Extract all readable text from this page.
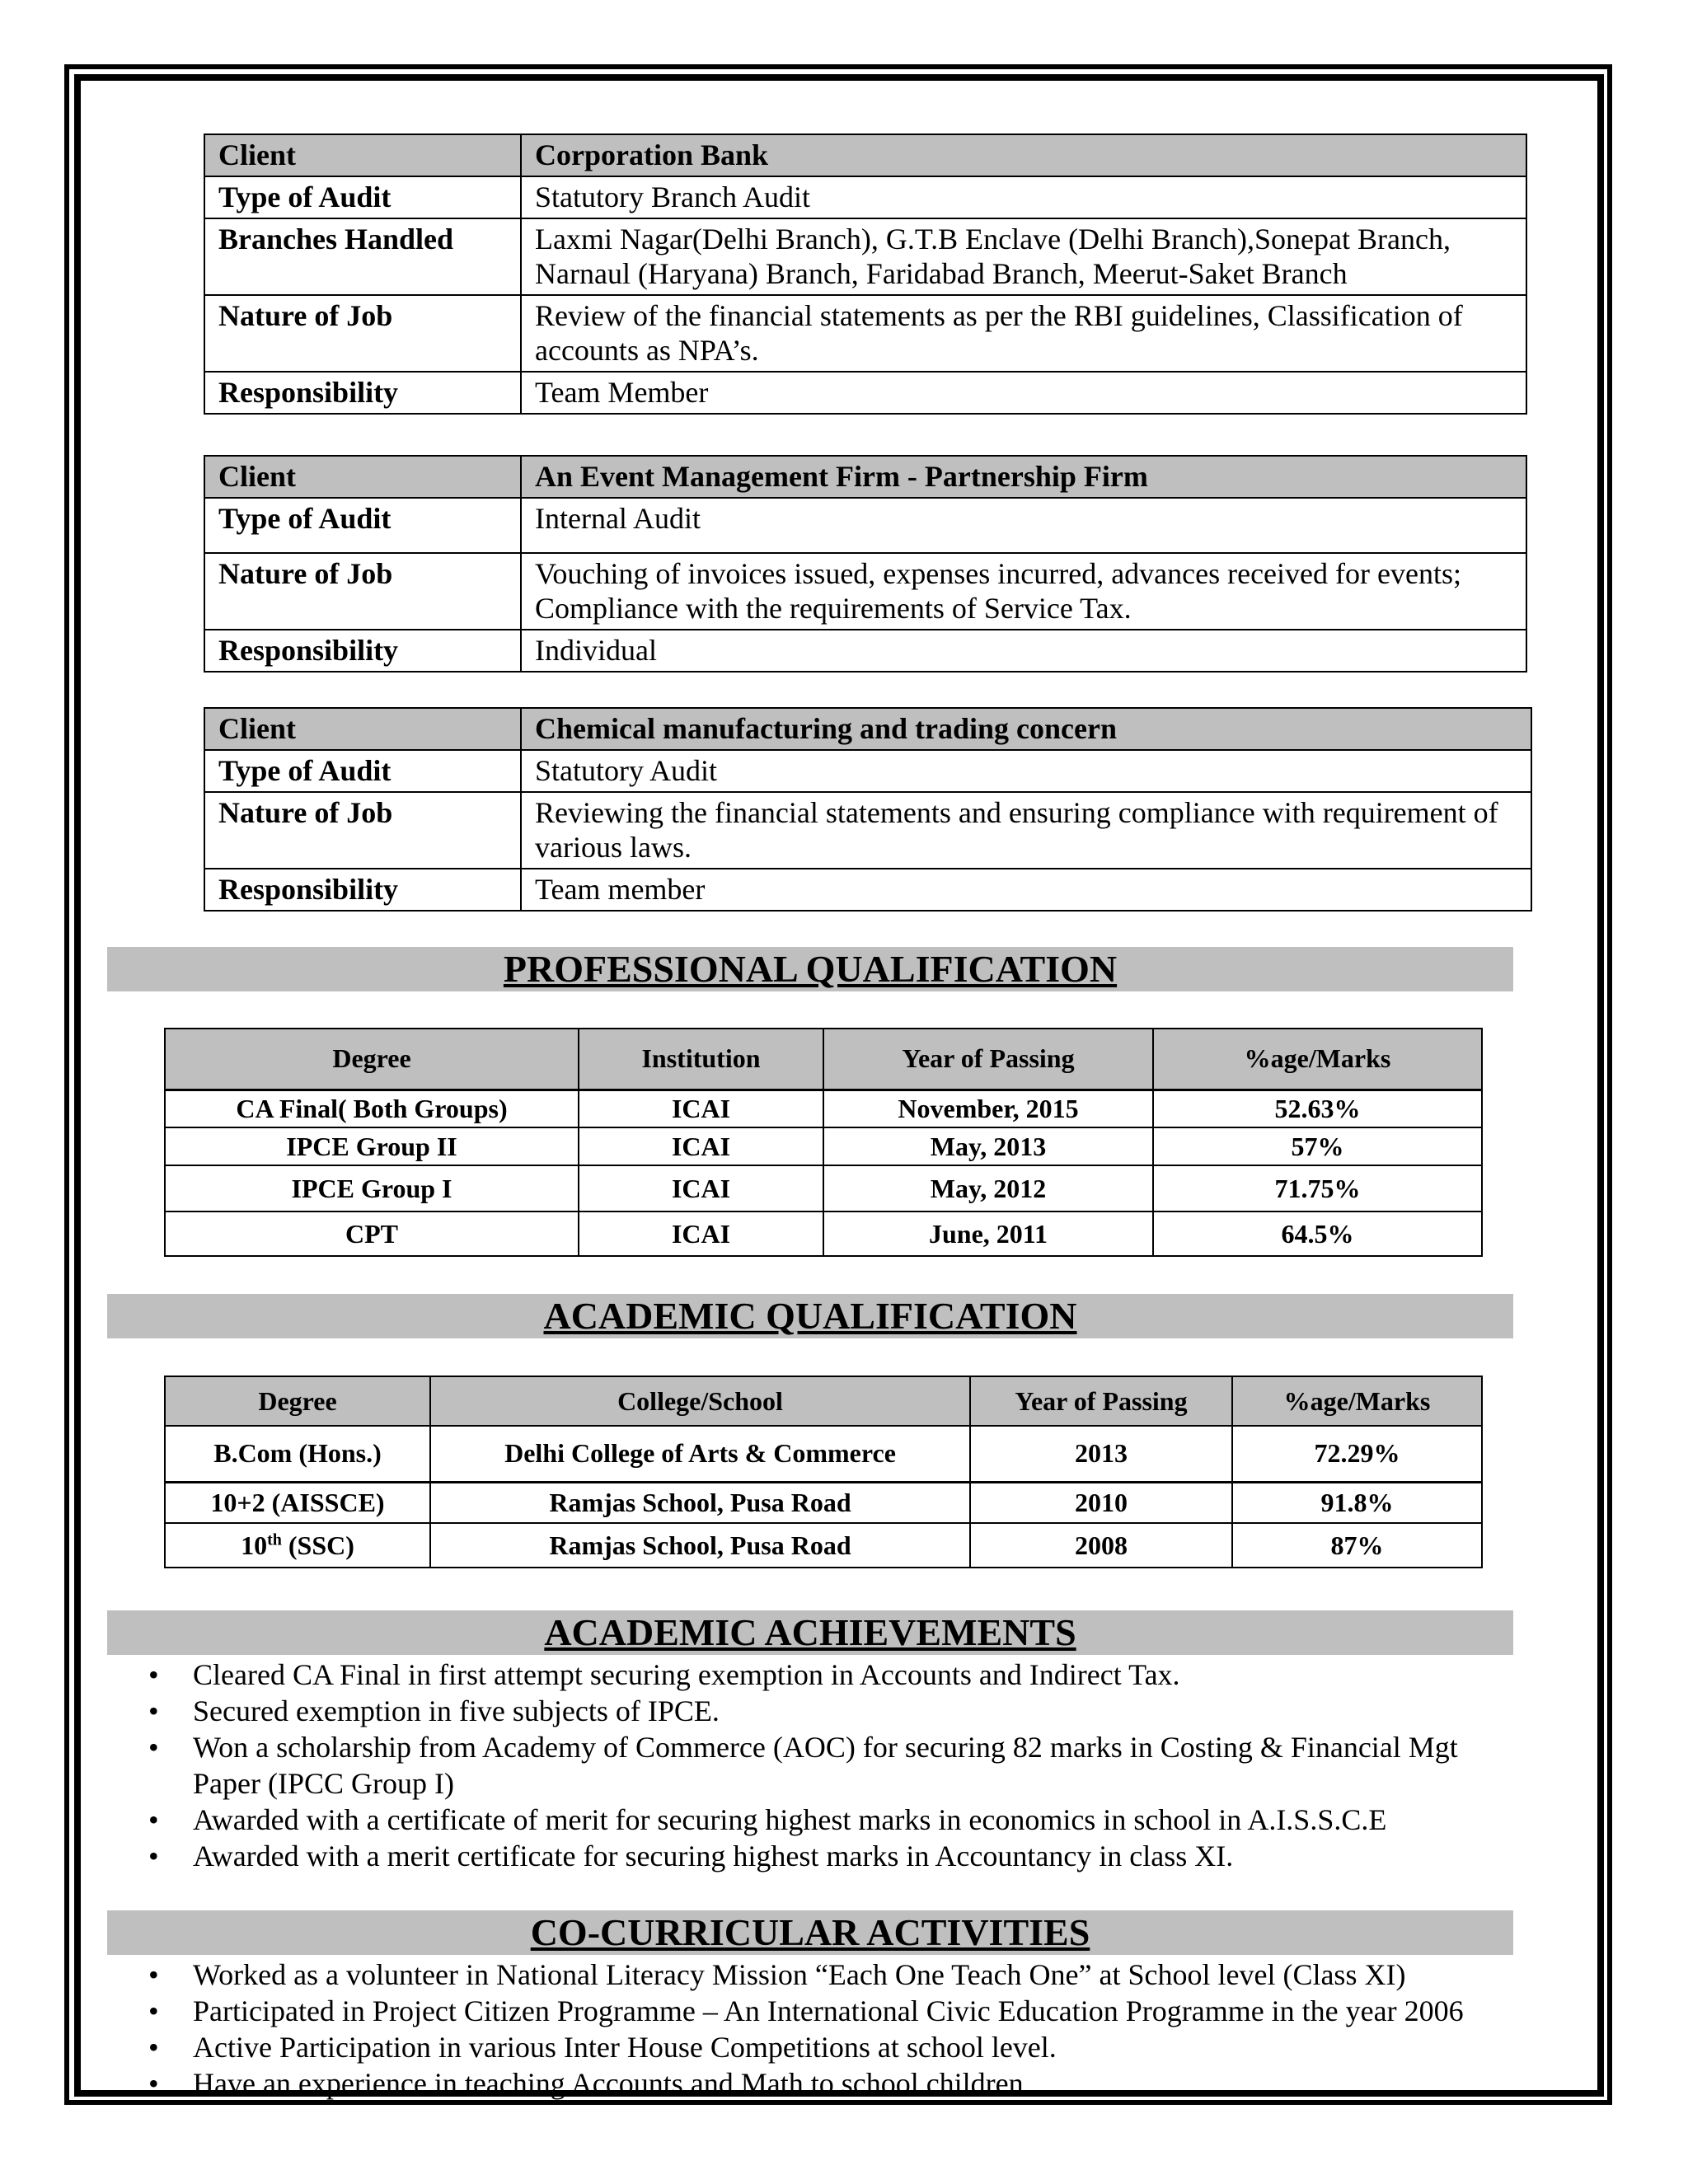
Client	Corporation Bank
Type of Audit	Statutory Branch Audit
Branches Handled	Laxmi Nagar(Delhi Branch), G.T.B Enclave (Delhi Branch),Sonepat Branch, Narnaul (Haryana) Branch, Faridabad Branch, Meerut-Saket Branch
Nature of Job	Review of the financial statements as per the RBI guidelines, Classification of accounts as NPA’s.
Responsibility	Team Member
Client	An Event Management Firm - Partnership Firm
Type of Audit	Internal Audit
Nature of Job	Vouching of invoices issued, expenses incurred, advances received for events; Compliance with the requirements of Service Tax.
Responsibility	Individual
Client	Chemical manufacturing and trading concern
Type of Audit	Statutory Audit
Nature of Job	Reviewing the financial statements and ensuring compliance with requirement of various laws.
Responsibility	Team member
PROFESSIONAL QUALIFICATION
Degree	Institution	Year of Passing	%age/Marks
CA Final( Both Groups)	ICAI	November, 2015	52.63%
IPCE Group II	ICAI	May, 2013	57%
IPCE Group I	ICAI	May, 2012	71.75%
CPT	ICAI	June, 2011	64.5%
ACADEMIC QUALIFICATION
Degree	College/School	Year of Passing	%age/Marks
B.Com (Hons.)	Delhi College of Arts & Commerce	2013	72.29%
10+2 (AISSCE)	Ramjas School, Pusa Road	2010	91.8%
10th (SSC)	Ramjas School, Pusa Road	2008	87%
ACADEMIC ACHIEVEMENTS
• Cleared CA Final in first attempt securing exemption in Accounts and Indirect Tax.
• Secured exemption in five subjects of IPCE.
• Won a scholarship from Academy of Commerce (AOC) for securing 82 marks in Costing & Financial Mgt Paper (IPCC Group I)
• Awarded with a certificate of merit for securing highest marks in economics in school in A.I.S.S.C.E
• Awarded with a merit certificate for securing highest marks in Accountancy in class XI.
CO-CURRICULAR ACTIVITIES
• Worked as a volunteer in National Literacy Mission “Each One Teach One” at School level (Class XI)
• Participated in Project Citizen Programme – An International Civic Education Programme in the year 2006
• Active Participation in various Inter House Competitions at school level.
• Have an experience in teaching Accounts and Math to school children.
